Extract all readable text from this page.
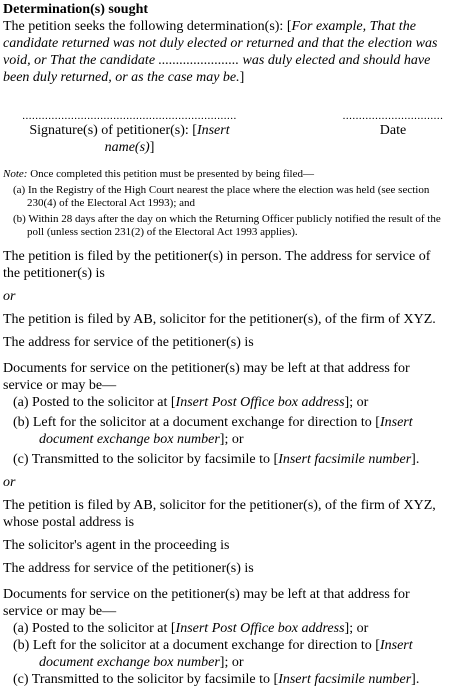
Determination(s) sought
The petition seeks the following determination(s): [For example, That the candidate returned was not duly elected or returned and that the election was void, or That the candidate ....................... was duly elected and should have been duly returned, or as the case may be.]
..................................................................
Signature(s) of petitioner(s): [Insert name(s)]
...............................
Date
Note: Once completed this petition must be presented by being filed—
(a) In the Registry of the High Court nearest the place where the election was held (see section 230(4) of the Electoral Act 1993); and
(b) Within 28 days after the day on which the Returning Officer publicly notified the result of the poll (unless section 231(2) of the Electoral Act 1993 applies).
The petition is filed by the petitioner(s) in person. The address for service of the petitioner(s) is
or
The petition is filed by AB, solicitor for the petitioner(s), of the firm of XYZ.
The address for service of the petitioner(s) is
Documents for service on the petitioner(s) may be left at that address for service or may be—
(a) Posted to the solicitor at [Insert Post Office box address]; or
(b) Left for the solicitor at a document exchange for direction to [Insert document exchange box number]; or
(c) Transmitted to the solicitor by facsimile to [Insert facsimile number].
or
The petition is filed by AB, solicitor for the petitioner(s), of the firm of XYZ, whose postal address is
The solicitor's agent in the proceeding is
The address for service of the petitioner(s) is
Documents for service on the petitioner(s) may be left at that address for service or may be—
(a) Posted to the solicitor at [Insert Post Office box address]; or
(b) Left for the solicitor at a document exchange for direction to [Insert document exchange box number]; or
(c) Transmitted to the solicitor by facsimile to [Insert facsimile number].
